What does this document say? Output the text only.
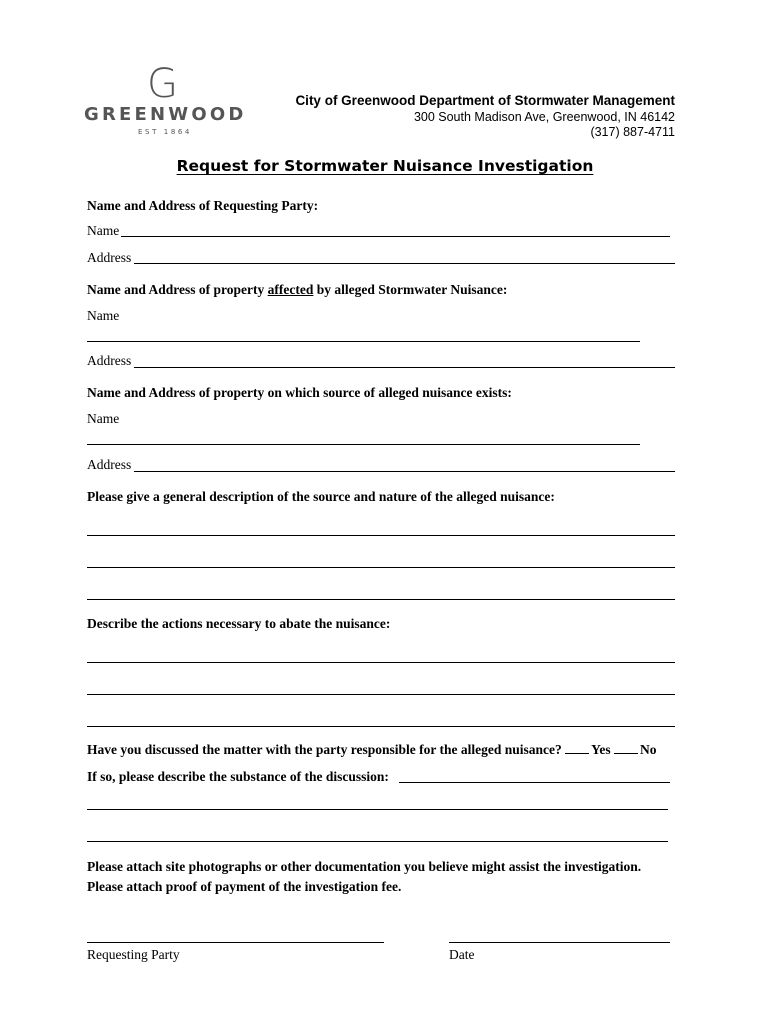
G
GREENWOOD
EST 1864
City of Greenwood Department of Stormwater Management
300 South Madison Ave, Greenwood, IN 46142
(317) 887-4711
Request for Stormwater Nuisance Investigation
Name and Address of Requesting Party:
Name
Address
Name and Address of property affected by alleged Stormwater Nuisance:
Name
Address
Name and Address of property on which source of alleged nuisance exists:
Name
Address
Please give a general description of the source and nature of the alleged nuisance:
Describe the actions necessary to abate the nuisance:
Have you discussed the matter with the party responsible for the alleged nuisance? Yes No
If so, please describe the substance of the discussion:
Please attach site photographs or other documentation you believe might assist the investigation.
Please attach proof of payment of the investigation fee.
Requesting Party	Date
